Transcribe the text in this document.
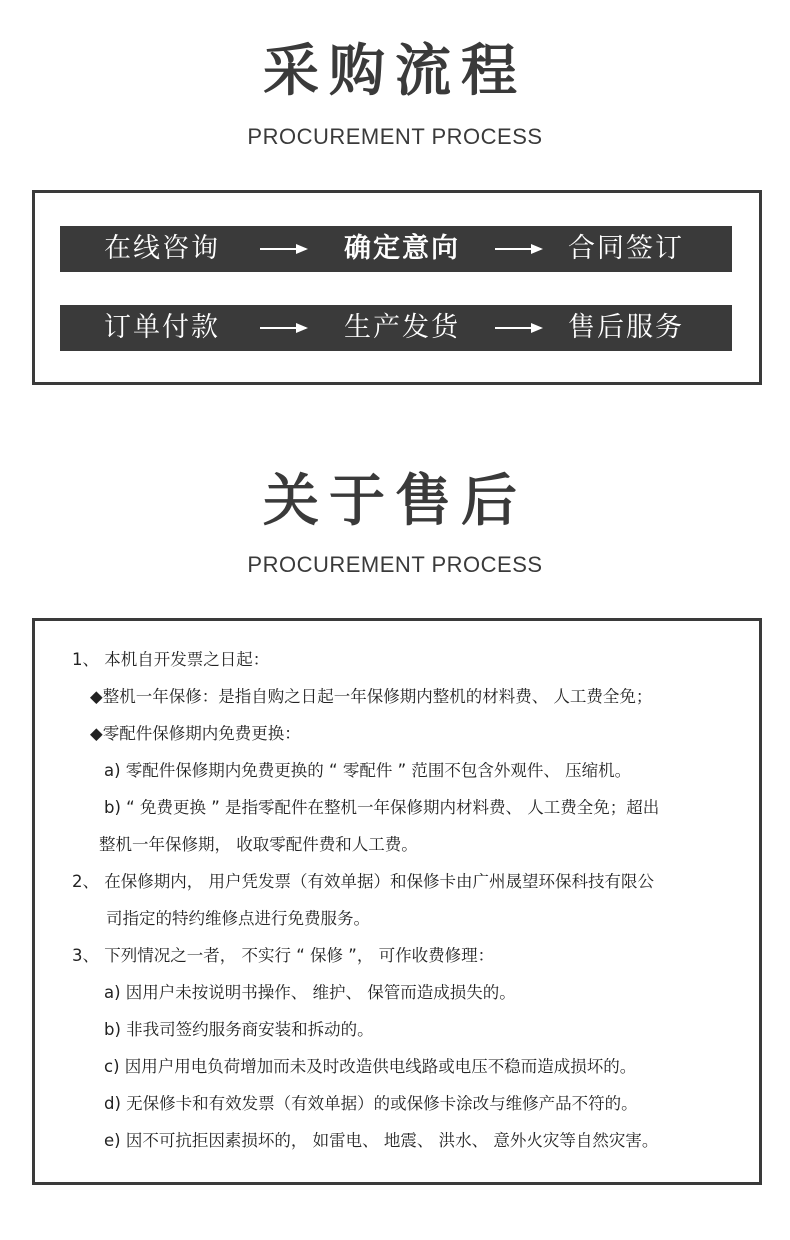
采购流程
PROCUREMENT PROCESS
在线咨询	确定意向	合同签订
订单付款	生产发货	售后服务
关于售后
PROCUREMENT PROCESS
1、 本机自开发票之日起：
◆整机一年保修：是指自购之日起一年保修期内整机的材料费、 人工费全免；
◆零配件保修期内免费更换：
a) 零配件保修期内免费更换的 “ 零配件 ” 范围不包含外观件、 压缩机。
b) “ 免费更换 ” 是指零配件在整机一年保修期内材料费、 人工费全免；超出
整机一年保修期， 收取零配件费和人工费。
2、 在保修期内， 用户凭发票（有效单据）和保修卡由广州晟望环保科技有限公
司指定的特约维修点进行免费服务。
3、 下列情况之一者， 不实行 “ 保修 ”， 可作收费修理：
a) 因用户未按说明书操作、 维护、 保管而造成损失的。
b) 非我司签约服务商安装和拆动的。
c) 因用户用电负荷增加而未及时改造供电线路或电压不稳而造成损坏的。
d) 无保修卡和有效发票（有效单据）的或保修卡涂改与维修产品不符的。
e) 因不可抗拒因素损坏的， 如雷电、 地震、 洪水、 意外火灾等自然灾害。
